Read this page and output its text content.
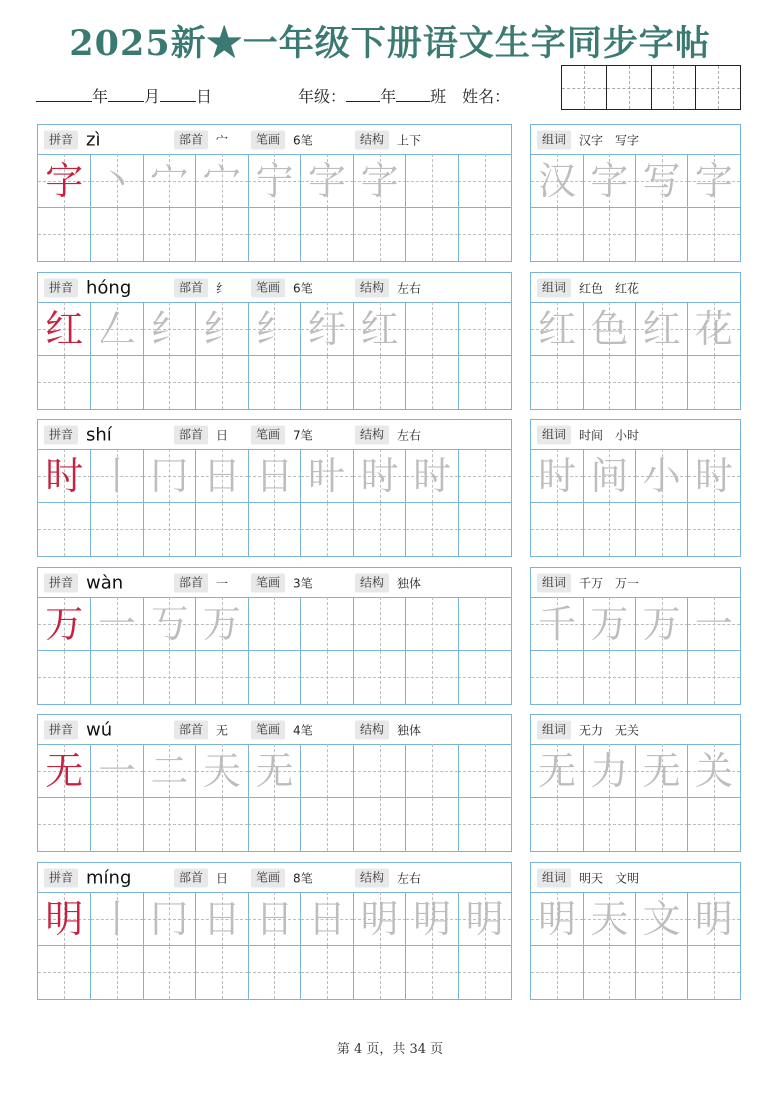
2025新★一年级下册语文生字同步字帖
年 月 日	年级： 年 班 姓名：
拼音 zì	部首	宀	笔画	6笔	结构	上下
字 丶 宀 宀 宁 字 字
组词	汉字　写字
汉 字 写 字
拼音 hóng	部首	纟	笔画	6笔	结构	左右
红 𠃋 纟 纟 纟 纡 红
组词	红色　红花
红 色 红 花
拼音 shí	部首	日	笔画	7笔	结构	左右
时 丨 冂 日 日 旪 时 时
组词	时间　小时
时 间 小 时
拼音 wàn	部首	一	笔画	3笔	结构	独体
万 一 丂 万
组词	千万　万一
千 万 万 一
拼音 wú	部首	无	笔画	4笔	结构	独体
无 一 二 天 无
组词	无力　无关
无 力 无 关
拼音 míng	部首	日	笔画	8笔	结构	左右
明 丨 冂 日 日 日 明 明 明
组词	明天　文明
明 天 文 明
第 4 页，共 34 页
